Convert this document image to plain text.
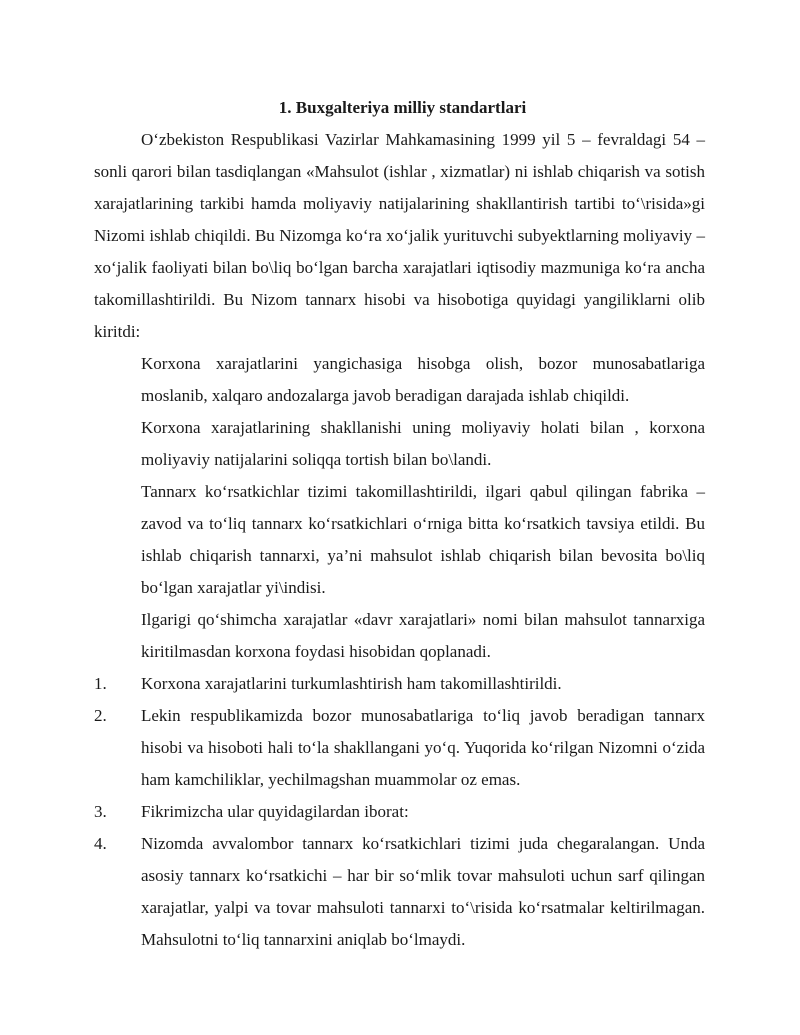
1. Buxgalteriya milliy standartlari

O‘zbekiston Respublikasi Vazirlar Mahkamasining 1999 yil 5 – fevraldagi 54 – sonli qarori bilan tasdiqlangan «Mahsulot (ishlar , xizmatlar) ni ishlab chiqarish va sotish xarajatlarining tarkibi hamda moliyaviy natijalarining shakllantirish tartibi to‘\risida»gi Nizomi ishlab chiqildi. Bu Nizomga ko‘ra xo‘jalik yurituvchi subyektlarning moliyaviy – xo‘jalik faoliyati bilan bo\liq bo‘lgan barcha xarajatlari iqtisodiy mazmuniga ko‘ra ancha takomillashtirildi. Bu Nizom tannarx hisobi va hisobotiga quyidagi yangiliklarni olib kiritdi:

Korxona xarajatlarini yangichasiga hisobga olish, bozor munosabatlariga moslanib, xalqaro andozalarga javob beradigan darajada ishlab chiqildi.

Korxona xarajatlarining shakllanishi uning moliyaviy holati bilan , korxona moliyaviy natijalarini soliqqa tortish bilan bo\landi.

Tannarx ko‘rsatkichlar tizimi takomillashtirildi, ilgari qabul qilingan fabrika – zavod va to‘liq tannarx ko‘rsatkichlari o‘rniga bitta ko‘rsatkich tavsiya etildi. Bu ishlab chiqarish tannarxi, ya’ni mahsulot ishlab chiqarish bilan bevosita bo\liq bo‘lgan xarajatlar yi\indisi.

Ilgarigi qo‘shimcha xarajatlar «davr xarajatlari» nomi bilan mahsulot tannarxiga kiritilmasdan korxona foydasi hisobidan qoplanadi.

1. Korxona xarajatlarini turkumlashtirish ham takomillashtirildi.
2. Lekin respublikamizda bozor munosabatlariga to‘liq javob beradigan tannarx hisobi va hisoboti hali to‘la shakllangani yo‘q. Yuqorida ko‘rilgan Nizomni o‘zida ham kamchiliklar, yechilmagshan muammolar oz emas.
3. Fikrimizcha ular quyidagilardan iborat:
4. Nizomda avvalombor tannarx ko‘rsatkichlari tizimi juda chegaralangan. Unda asosiy tannarx ko‘rsatkichi – har bir so‘mlik tovar mahsuloti uchun sarf qilingan xarajatlar, yalpi va tovar mahsuloti tannarxi to‘\risida ko‘rsatmalar keltirilmagan. Mahsulotni to‘liq tannarxini aniqlab bo‘lmaydi.
